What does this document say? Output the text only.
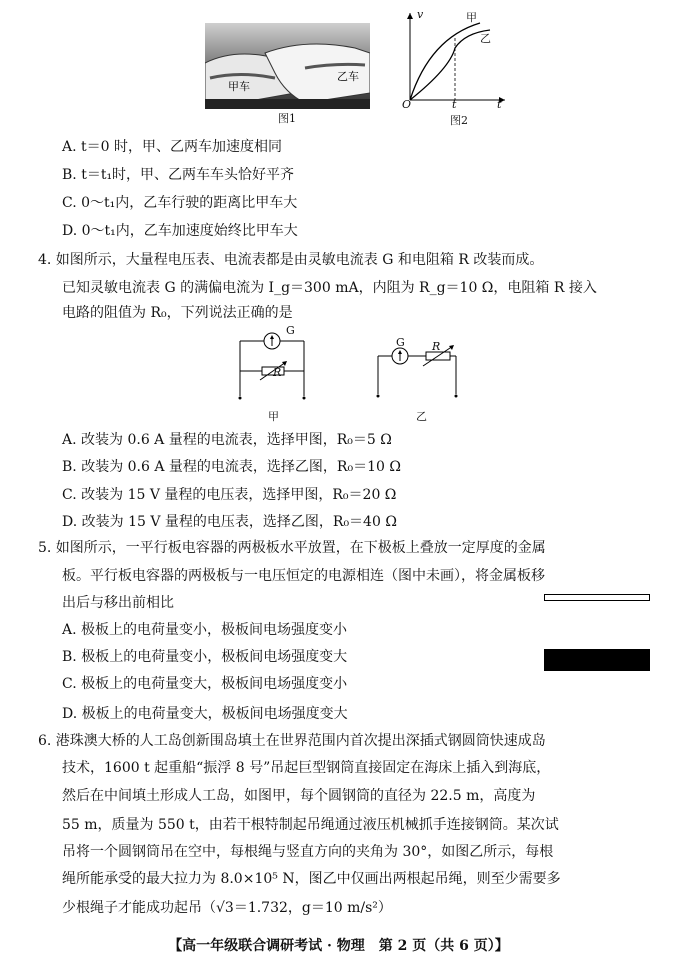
甲车
乙车
图1
v
t
O	t
甲
乙
图2
A. t＝0 时，甲、乙两车加速度相同
B. t＝t₁时，甲、乙两车车头恰好平齐
C. 0～t₁内，乙车行驶的距离比甲车大
D. 0～t₁内，乙车加速度始终比甲车大
4. 如图所示，大量程电压表、电流表都是由灵敏电流表 G 和电阻箱 R 改装而成。
已知灵敏电流表 G 的满偏电流为 I_g＝300 mA，内阻为 R_g＝10 Ω，电阻箱 R 接入
电路的阻值为 R₀，下列说法正确的是
G
R
甲
G R
乙
A. 改装为 0.6 A 量程的电流表，选择甲图，R₀＝5 Ω
B. 改装为 0.6 A 量程的电流表，选择乙图，R₀＝10 Ω
C. 改装为 15 V 量程的电压表，选择甲图，R₀＝20 Ω
D. 改装为 15 V 量程的电压表，选择乙图，R₀＝40 Ω
5. 如图所示，一平行板电容器的两极板水平放置，在下极板上叠放一定厚度的金属
板。平行板电容器的两极板与一电压恒定的电源相连（图中未画），将金属板移
出后与移出前相比
A. 极板上的电荷量变小，极板间电场强度变小
B. 极板上的电荷量变小，极板间电场强度变大
C. 极板上的电荷量变大，极板间电场强度变小
D. 极板上的电荷量变大，极板间电场强度变大
6. 港珠澳大桥的人工岛创新围岛填土在世界范围内首次提出深插式钢圆筒快速成岛
技术，1600 t 起重船“振浮 8 号”吊起巨型钢筒直接固定在海床上插入到海底，
然后在中间填土形成人工岛，如图甲，每个圆钢筒的直径为 22.5 m，高度为
55 m，质量为 550 t，由若干根特制起吊绳通过液压机械抓手连接钢筒。某次试
吊将一个圆钢筒吊在空中，每根绳与竖直方向的夹角为 30°，如图乙所示，每根
绳所能承受的最大拉力为 8.0×10⁵ N，图乙中仅画出两根起吊绳，则至少需要多
少根绳子才能成功起吊（√3＝1.732，g＝10 m/s²）
【高一年级联合调研考试 · 物理　第 2 页（共 6 页）】
